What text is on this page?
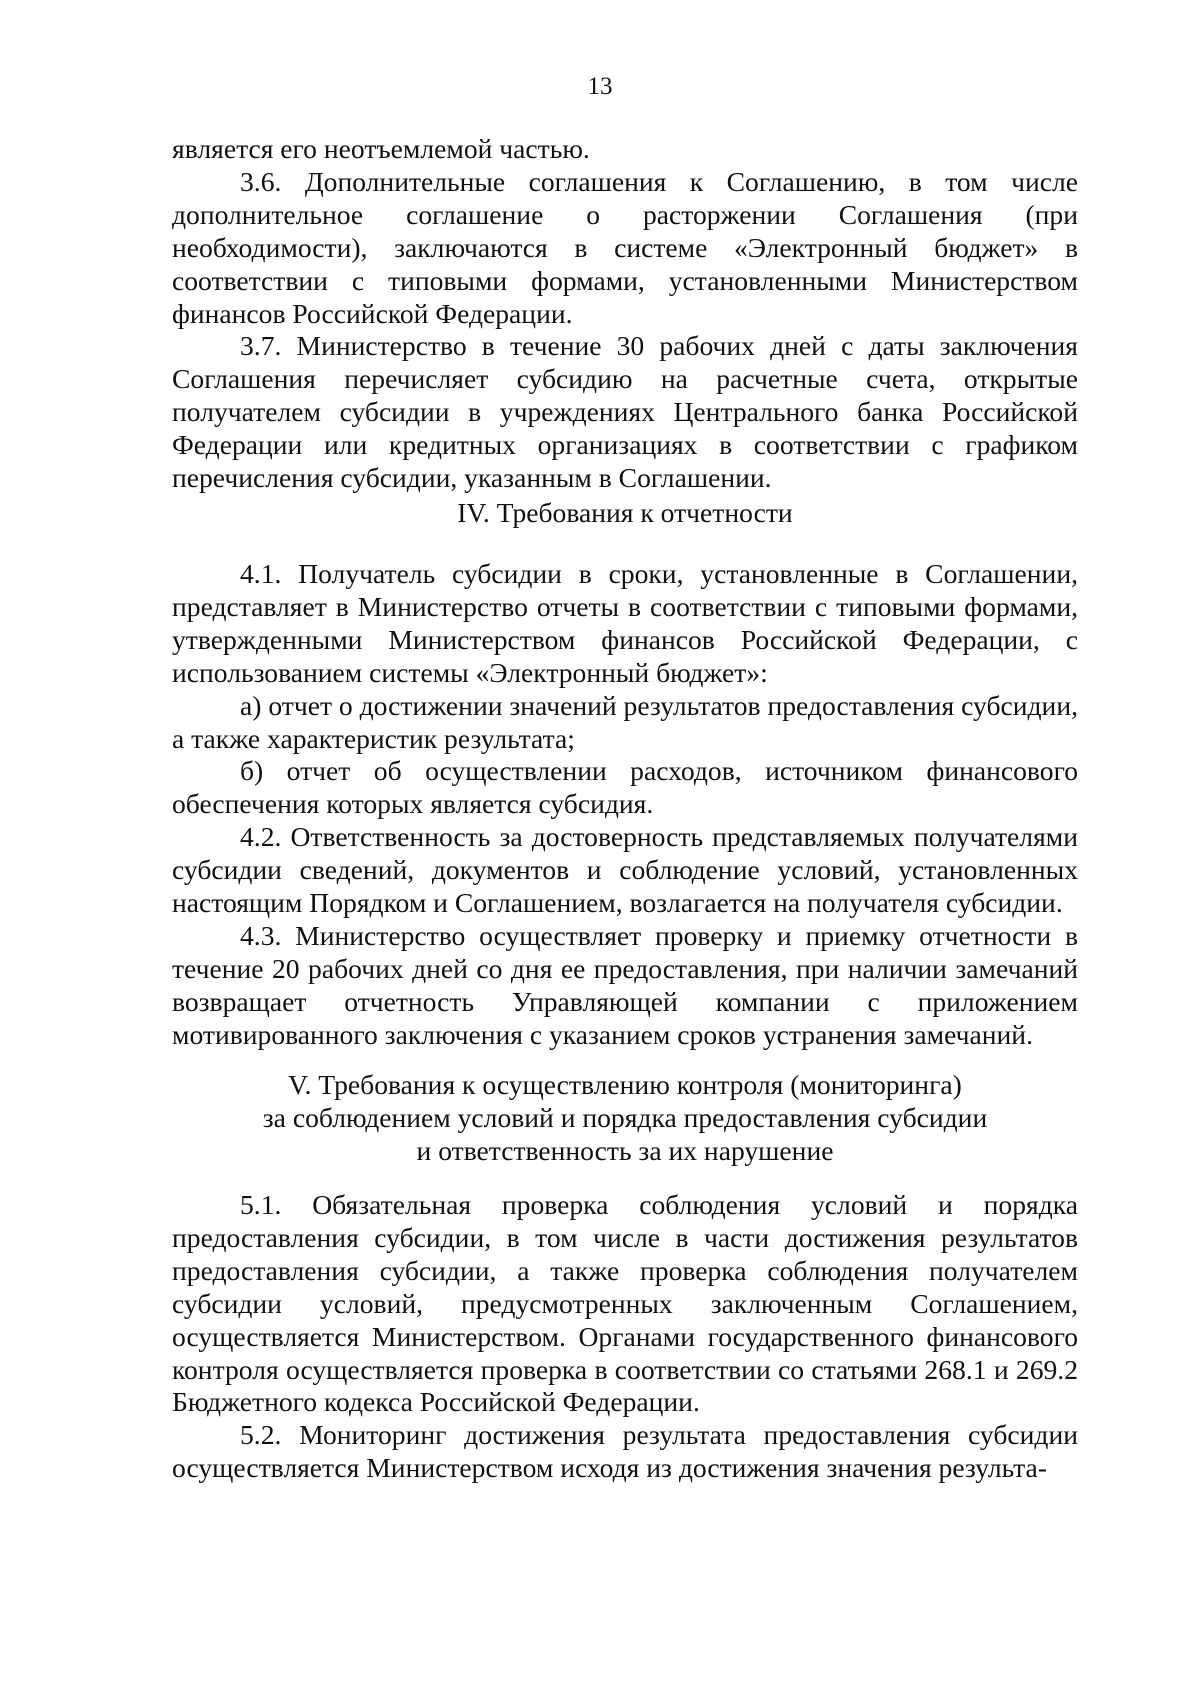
13

является его неотъемлемой частью.

3.6. Дополнительные соглашения к Соглашению, в том числе дополнительное соглашение о расторжении Соглашения (при необходимости), заключаются в системе «Электронный бюджет» в соответствии с типовыми формами, установленными Министерством финансов Российской Федерации.

3.7. Министерство в течение 30 рабочих дней с даты заключения Соглашения перечисляет субсидию на расчетные счета, открытые получателем субсидии в учреждениях Центрального банка Российской Федерации или кредитных организациях в соответствии с графиком перечисления субсидии, указанным в Соглашении.

IV. Требования к отчетности

4.1. Получатель субсидии в сроки, установленные в Соглашении, представляет в Министерство отчеты в соответствии с типовыми формами, утвержденными Министерством финансов Российской Федерации, с использованием системы «Электронный бюджет»:

а) отчет о достижении значений результатов предоставления субсидии, а также характеристик результата;

б) отчет об осуществлении расходов, источником финансового обеспечения которых является субсидия.

4.2. Ответственность за достоверность представляемых получателями субсидии сведений, документов и соблюдение условий, установленных настоящим Порядком и Соглашением, возлагается на получателя субсидии.

4.3. Министерство осуществляет проверку и приемку отчетности в течение 20 рабочих дней со дня ее предоставления, при наличии замечаний возвращает отчетность Управляющей компании с приложением мотивированного заключения с указанием сроков устранения замечаний.

V. Требования к осуществлению контроля (мониторинга)
за соблюдением условий и порядка предоставления субсидии
и ответственность за их нарушение

5.1. Обязательная проверка соблюдения условий и порядка предоставления субсидии, в том числе в части достижения результатов предоставления субсидии, а также проверка соблюдения получателем субсидии условий, предусмотренных заключенным Соглашением, осуществляется Министерством. Органами государственного финансового контроля осуществляется проверка в соответствии со статьями 268.1 и 269.2 Бюджетного кодекса Российской Федерации.

5.2. Мониторинг достижения результата предоставления субсидии осуществляется Министерством исходя из достижения значения результа-
